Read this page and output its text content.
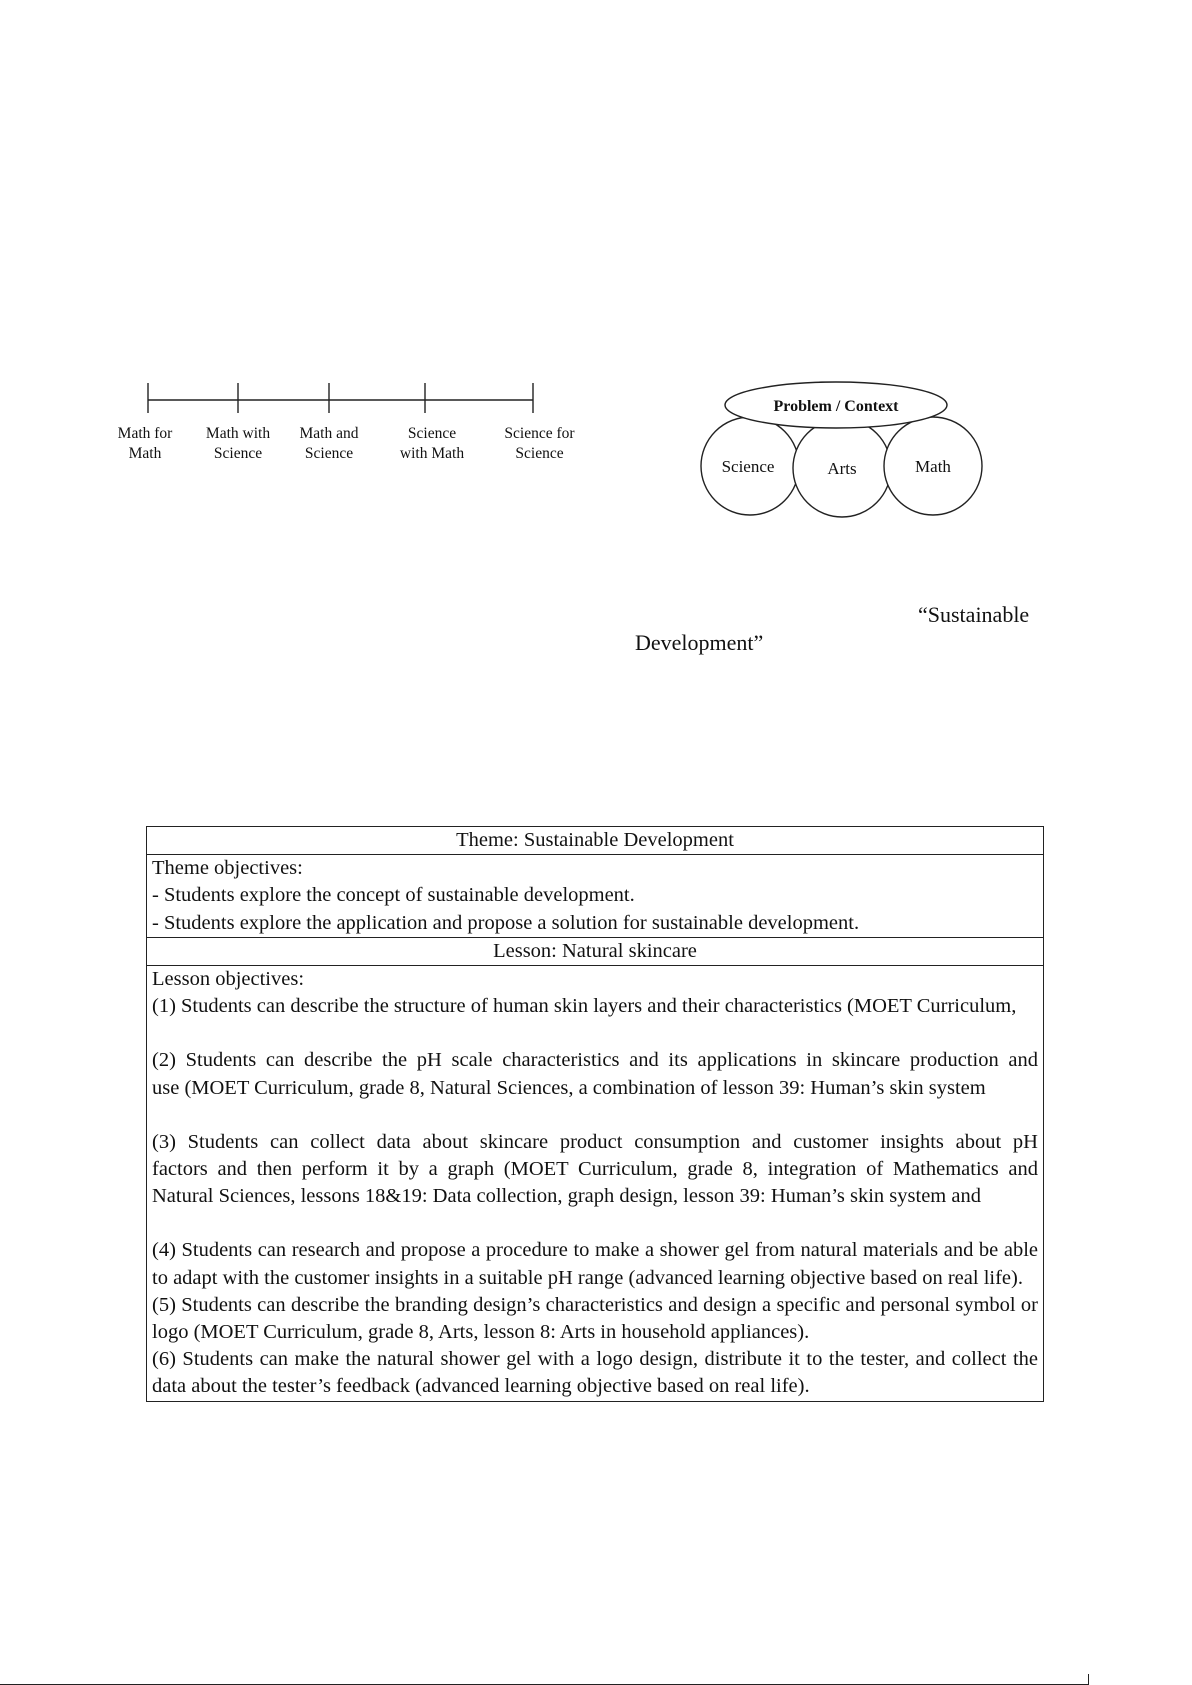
Math for
Math
Math with
Science
Math and
Science
Science
with Math
Science for
Science
Problem / Context
Science	Arts	Math
“Sustainable
Development”
Theme: Sustainable Development

Theme objectives:
- Students explore the concept of sustainable development.
- Students explore the application and propose a solution for sustainable development.

Lesson: Natural skincare

Lesson objectives:
(1) Students can describe the structure of human skin layers and their characteristics (MOET Curriculum,
(2) Students can describe the pH scale characteristics and its applications in skincare production and
use (MOET Curriculum, grade 8, Natural Sciences, a combination of lesson 39: Human’s skin system
(3) Students can collect data about skincare product consumption and customer insights about pH
factors and then perform it by a graph (MOET Curriculum, grade 8, integration of Mathematics and
Natural Sciences, lessons 18&19: Data collection, graph design, lesson 39: Human’s skin system and
(4) Students can research and propose a procedure to make a shower gel from natural materials and be able to adapt with the customer insights in a suitable pH range (advanced learning objective based on real life).
(5) Students can describe the branding design’s characteristics and design a specific and personal symbol or logo (MOET Curriculum, grade 8, Arts, lesson 8: Arts in household appliances).
(6) Students can make the natural shower gel with a logo design, distribute it to the tester, and collect the data about the tester’s feedback (advanced learning objective based on real life).
